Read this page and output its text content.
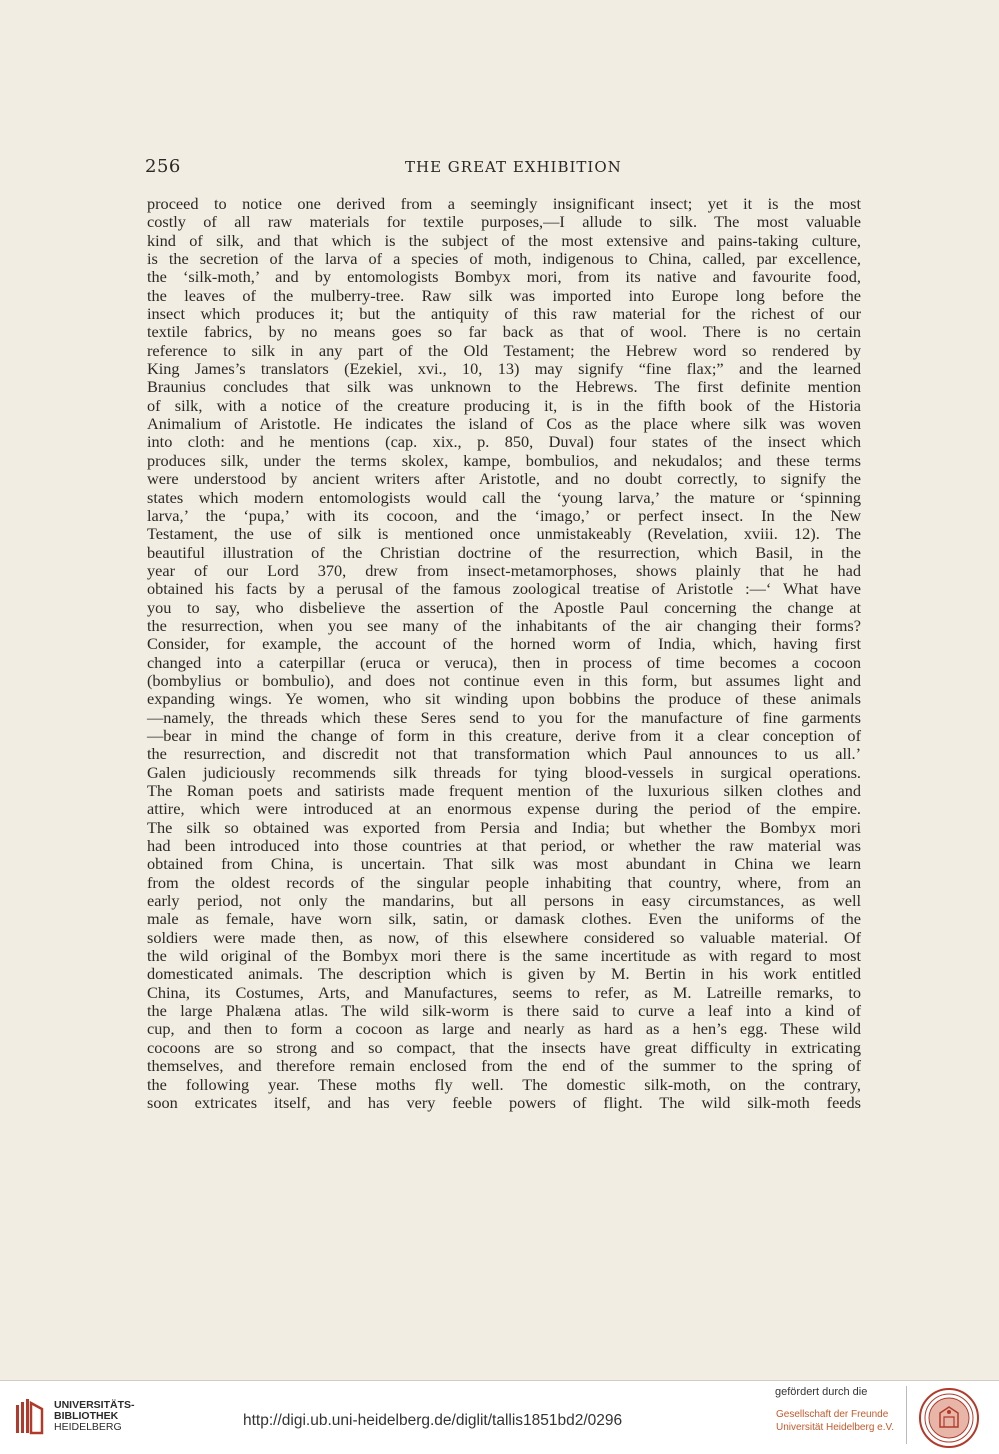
256	THE GREAT EXHIBITION
proceed to notice one derived from a seemingly insignificant insect; yet it is the most
costly of all raw materials for textile purposes,—I allude to silk. The most valuable
kind of silk, and that which is the subject of the most extensive and pains-taking culture,
is the secretion of the larva of a species of moth, indigenous to China, called, par excellence,
the ‘silk-moth,’ and by entomologists Bombyx mori, from its native and favourite food,
the leaves of the mulberry-tree. Raw silk was imported into Europe long before the
insect which produces it; but the antiquity of this raw material for the richest of our
textile fabrics, by no means goes so far back as that of wool. There is no certain
reference to silk in any part of the Old Testament; the Hebrew word so rendered by
King James’s translators (Ezekiel, xvi., 10, 13) may signify “fine flax;” and the learned
Braunius concludes that silk was unknown to the Hebrews. The first definite mention
of silk, with a notice of the creature producing it, is in the fifth book of the Historia
Animalium of Aristotle. He indicates the island of Cos as the place where silk was woven
into cloth: and he mentions (cap. xix., p. 850, Duval) four states of the insect which
produces silk, under the terms skolex, kampe, bombulios, and nekudalos; and these terms
were understood by ancient writers after Aristotle, and no doubt correctly, to signify the
states which modern entomologists would call the ‘young larva,’ the mature or ‘spinning
larva,’ the ‘pupa,’ with its cocoon, and the ‘imago,’ or perfect insect. In the New
Testament, the use of silk is mentioned once unmistakeably (Revelation, xviii. 12). The
beautiful illustration of the Christian doctrine of the resurrection, which Basil, in the
year of our Lord 370, drew from insect-metamorphoses, shows plainly that he had
obtained his facts by a perusal of the famous zoological treatise of Aristotle :—‘ What have
you to say, who disbelieve the assertion of the Apostle Paul concerning the change at
the resurrection, when you see many of the inhabitants of the air changing their forms?
Consider, for example, the account of the horned worm of India, which, having first
changed into a caterpillar (eruca or veruca), then in process of time becomes a cocoon
(bombylius or bombulio), and does not continue even in this form, but assumes light and
expanding wings. Ye women, who sit winding upon bobbins the produce of these animals
—namely, the threads which these Seres send to you for the manufacture of fine garments
—bear in mind the change of form in this creature, derive from it a clear conception of
the resurrection, and discredit not that transformation which Paul announces to us all.’
Galen judiciously recommends silk threads for tying blood-vessels in surgical operations.
The Roman poets and satirists made frequent mention of the luxurious silken clothes and
attire, which were introduced at an enormous expense during the period of the empire.
The silk so obtained was exported from Persia and India; but whether the Bombyx mori
had been introduced into those countries at that period, or whether the raw material was
obtained from China, is uncertain. That silk was most abundant in China we learn
from the oldest records of the singular people inhabiting that country, where, from an
early period, not only the mandarins, but all persons in easy circumstances, as well
male as female, have worn silk, satin, or damask clothes. Even the uniforms of the
soldiers were made then, as now, of this elsewhere considered so valuable material. Of
the wild original of the Bombyx mori there is the same incertitude as with regard to most
domesticated animals. The description which is given by M. Bertin in his work entitled
China, its Costumes, Arts, and Manufactures, seems to refer, as M. Latreille remarks, to
the large Phalæna atlas. The wild silk-worm is there said to curve a leaf into a kind of
cup, and then to form a cocoon as large and nearly as hard as a hen’s egg. These wild
cocoons are so strong and so compact, that the insects have great difficulty in extricating
themselves, and therefore remain enclosed from the end of the summer to the spring of
the following year. These moths fly well. The domestic silk-moth, on the contrary,
soon extricates itself, and has very feeble powers of flight. The wild silk-moth feeds
UNIVERSITÄTS-
BIBLIOTHEK
HEIDELBERG	http://digi.ub.uni-heidelberg.de/diglit/tallis1851bd2/0296
gefördert durch die
Gesellschaft der Freunde
Universität Heidelberg e.V.
